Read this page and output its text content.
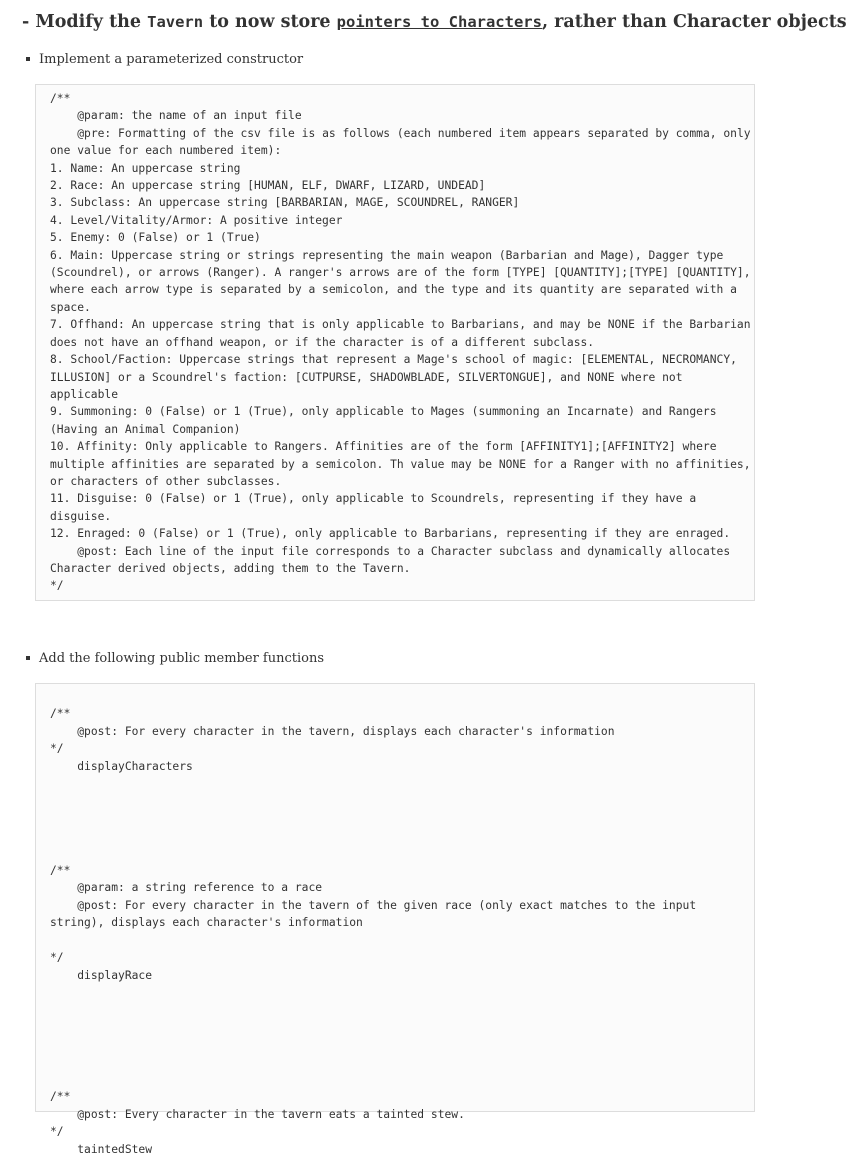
- Modify the Tavern to now store pointers to Characters, rather than Character objects

Implement a parameterized constructor

/**
@param: the name of an input file
@pre: Formatting of the csv file is as follows (each numbered item appears separated by comma, only one value for each numbered item):
1. Name: An uppercase string
2. Race: An uppercase string [HUMAN, ELF, DWARF, LIZARD, UNDEAD]
3. Subclass: An uppercase string [BARBARIAN, MAGE, SCOUNDREL, RANGER]
4. Level/Vitality/Armor: A positive integer
5. Enemy: 0 (False) or 1 (True)
6. Main: Uppercase string or strings representing the main weapon (Barbarian and Mage), Dagger type (Scoundrel), or arrows (Ranger). A ranger's arrows are of the form [TYPE] [QUANTITY];[TYPE] [QUANTITY], where each arrow type is separated by a semicolon, and the type and its quantity are separated with a space.
7. Offhand: An uppercase string that is only applicable to Barbarians, and may be NONE if the Barbarian does not have an offhand weapon, or if the character is of a different subclass.
8. School/Faction: Uppercase strings that represent a Mage's school of magic: [ELEMENTAL, NECROMANCY, ILLUSION] or a Scoundrel's faction: [CUTPURSE, SHADOWBLADE, SILVERTONGUE], and NONE where not applicable
9. Summoning: 0 (False) or 1 (True), only applicable to Mages (summoning an Incarnate) and Rangers (Having an Animal Companion)
10. Affinity: Only applicable to Rangers. Affinities are of the form [AFFINITY1];[AFFINITY2] where multiple affinities are separated by a semicolon. Th value may be NONE for a Ranger with no affinities, or characters of other subclasses.
11. Disguise: 0 (False) or 1 (True), only applicable to Scoundrels, representing if they have a disguise.
12. Enraged: 0 (False) or 1 (True), only applicable to Barbarians, representing if they are enraged.
@post: Each line of the input file corresponds to a Character subclass and dynamically allocates Character derived objects, adding them to the Tavern.
*/

Add the following public member functions

/**
@post: For every character in the tavern, displays each character's information
*/
displayCharacters

/**
@param: a string reference to a race
@post: For every character in the tavern of the given race (only exact matches to the input string), displays each character's information

*/
displayRace

/**
@post: Every character in the tavern eats a tainted stew.
*/
taintedStew
